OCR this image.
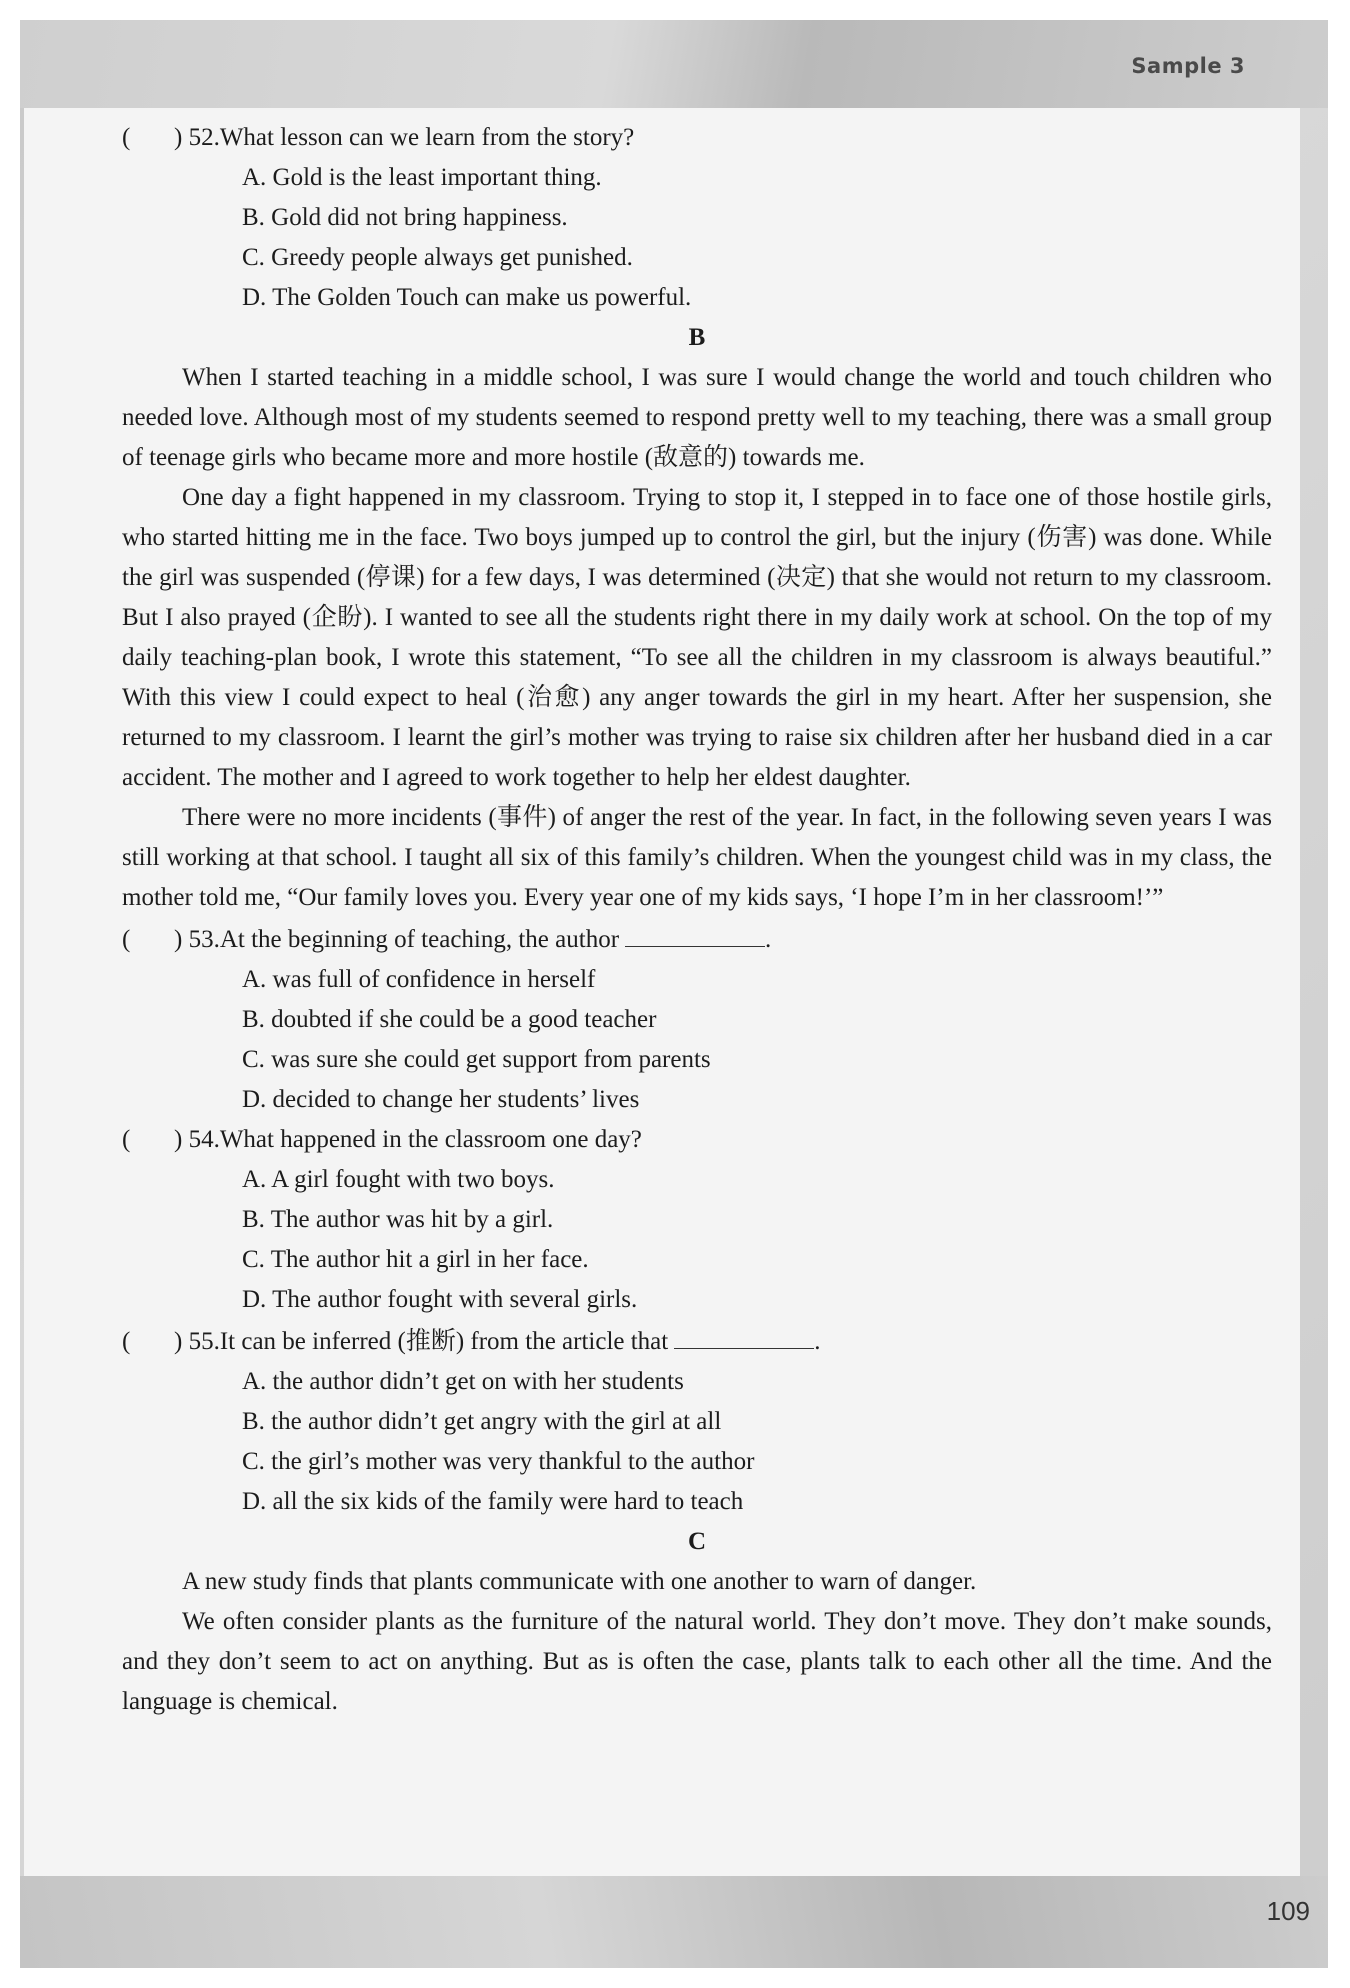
Sample 3
109
( ) 52.What lesson can we learn from the story?
A. Gold is the least important thing.
B. Gold did not bring happiness.
C. Greedy people always get punished.
D. The Golden Touch can make us powerful.
B
When I started teaching in a middle school, I was sure I would change the world and touch children who needed love. Although most of my students seemed to respond pretty well to my teaching, there was a small group of teenage girls who became more and more hostile (敌意的) towards me.
One day a fight happened in my classroom. Trying to stop it, I stepped in to face one of those hostile girls, who started hitting me in the face. Two boys jumped up to control the girl, but the injury (伤害) was done. While the girl was suspended (停课) for a few days, I was determined (决定) that she would not return to my classroom. But I also prayed (企盼). I wanted to see all the students right there in my daily work at school. On the top of my daily teaching-plan book, I wrote this statement, “To see all the children in my classroom is always beautiful.” With this view I could expect to heal (治愈) any anger towards the girl in my heart. After her suspension, she returned to my classroom. I learnt the girl’s mother was trying to raise six children after her husband died in a car accident. The mother and I agreed to work together to help her eldest daughter.
There were no more incidents (事件) of anger the rest of the year. In fact, in the following seven years I was still working at that school. I taught all six of this family’s children. When the youngest child was in my class, the mother told me, “Our family loves you. Every year one of my kids says, ‘I hope I’m in her classroom!’”
( ) 53.At the beginning of teaching, the author	.
A. was full of confidence in herself
B. doubted if she could be a good teacher
C. was sure she could get support from parents
D. decided to change her students’ lives
( ) 54.What happened in the classroom one day?
A. A girl fought with two boys.
B. The author was hit by a girl.
C. The author hit a girl in her face.
D. The author fought with several girls.
( ) 55.It can be inferred (推断) from the article that	.
A. the author didn’t get on with her students
B. the author didn’t get angry with the girl at all
C. the girl’s mother was very thankful to the author
D. all the six kids of the family were hard to teach
C
A new study finds that plants communicate with one another to warn of danger.
We often consider plants as the furniture of the natural world. They don’t move. They don’t make sounds, and they don’t seem to act on anything. But as is often the case, plants talk to each other all the time. And the language is chemical.
